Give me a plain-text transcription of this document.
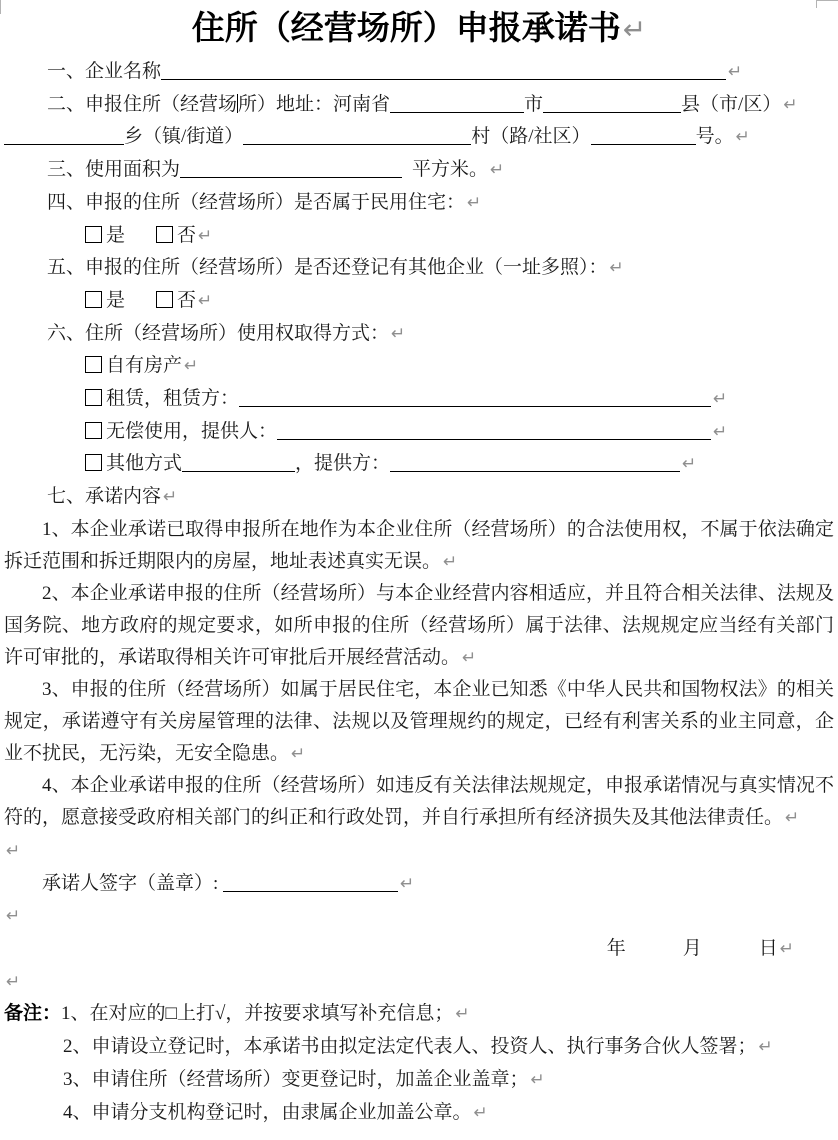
住所（经营场所）申报承诺书↵
一、企业名称	↵
二、申报住所（经营场所）地址：河南省	市	县（市/区） ↵
乡（镇/街道）	村（路/社区）	号。 ↵
三、使用面积为	平方米。 ↵
四、申报的住所（经营场所）是否属于民用住宅： ↵
是	否 ↵
五、申报的住所（经营场所）是否还登记有其他企业（一址多照）： ↵
是	否 ↵
六、住所（经营场所）使用权取得方式： ↵
自有房产 ↵
租赁，租赁方：	↵
无偿使用，提供人：	↵
其他方式	，提供方：	↵
七、承诺内容 ↵

1、本企业承诺已取得申报所在地作为本企业住所（经营场所）的合法使用权，不属于依法确定拆迁范围和拆迁期限内的房屋，地址表述真实无误。 ↵

2、本企业承诺申报的住所（经营场所）与本企业经营内容相适应，并且符合相关法律、法规及国务院、地方政府的规定要求，如所申报的住所（经营场所）属于法律、法规规定应当经有关部门许可审批的，承诺取得相关许可审批后开展经营活动。 ↵

3、申报的住所（经营场所）如属于居民住宅，本企业已知悉《中华人民共和国物权法》的相关规定，承诺遵守有关房屋管理的法律、法规以及管理规约的规定，已经有利害关系的业主同意，企业不扰民，无污染，无安全隐患。 ↵

4、本企业承诺申报的住所（经营场所）如违反有关法律法规规定，申报承诺情况与真实情况不符的，愿意接受政府相关部门的纠正和行政处罚，并自行承担所有经济损失及其他法律责任。 ↵

↵
承诺人签字（盖章）:	↵
↵
年	月	日 ↵
↵
备注：1、在对应的□上打√，并按要求填写补充信息； ↵
2、申请设立登记时，本承诺书由拟定法定代表人、投资人、执行事务合伙人签署； ↵
3、申请住所（经营场所）变更登记时，加盖企业盖章； ↵
4、申请分支机构登记时，由隶属企业加盖公章。 ↵
